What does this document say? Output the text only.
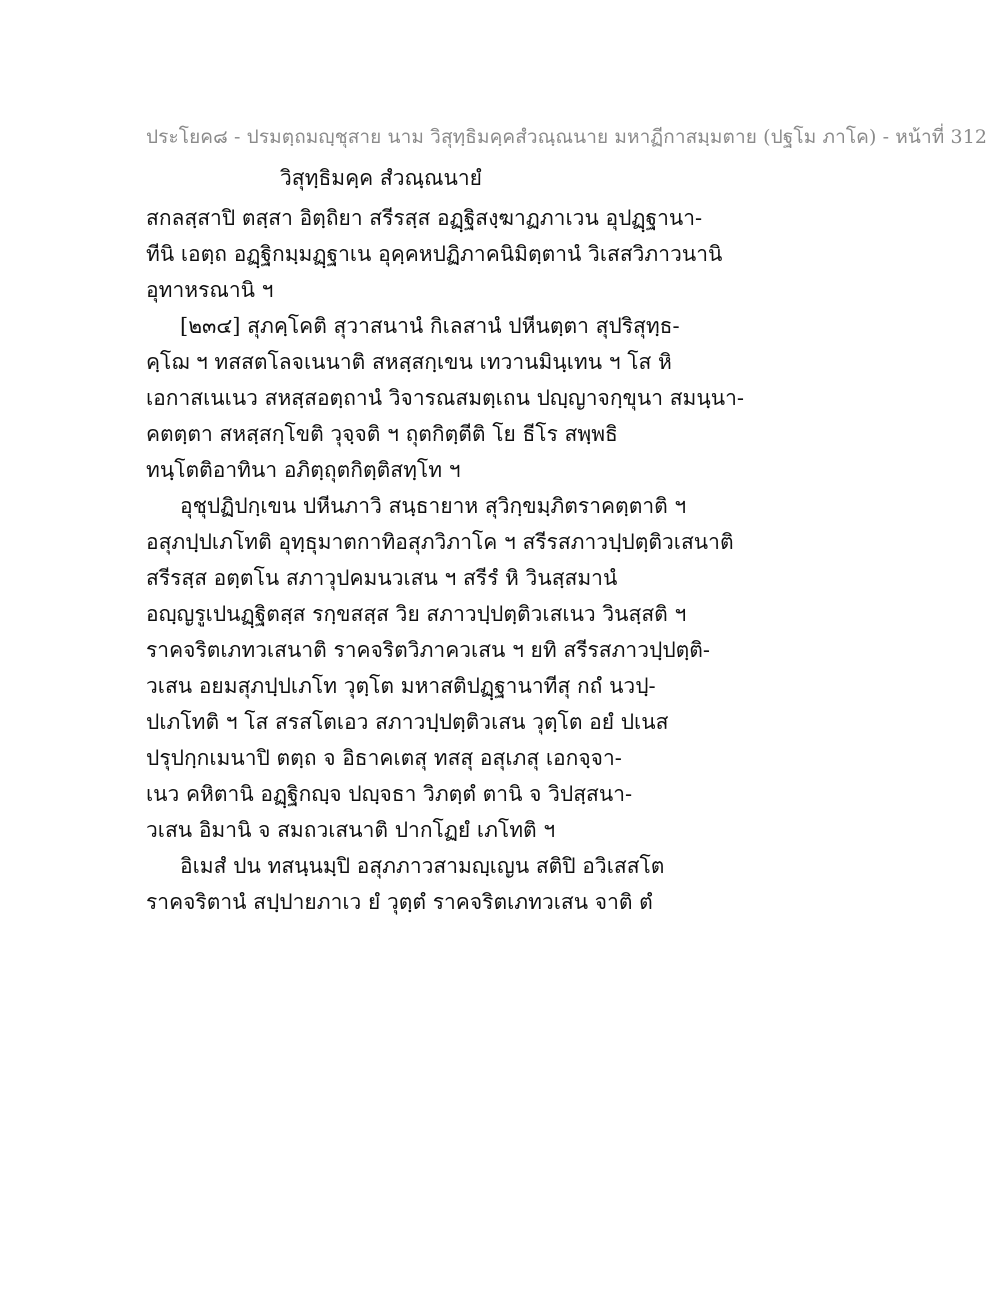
ประโยค๘ - ปรมตฺถมญฺชุสาย นาม วิสุทฺธิมคฺคสํวณฺณนาย มหาฏีกาสมฺมตาย (ปฐโม ภาโค) - หน้าที่ 312
วิสุทฺธิมคฺค สํวณฺณนายํ
สกลสฺสาปิ ตสฺสา อิตฺถิยา สรีรสฺส อฏฺฐิสงฺฆาฏภาเวน อุปฏฺฐานา-
ทีนิ เอตฺถ อฏฺฐิกมฺมฏฺฐาเน อุคฺคหปฏิภาคนิมิตฺตานํ วิเสสวิภาวนานิ
อุทาหรณานิ ฯ
[๒๓๔] สุภคฺโคติ สุวาสนานํ กิเลสานํ ปหีนตฺตา สุปริสุทฺธ-
คฺโฌ ฯ ทสสตโลจเนนาติ สหสฺสกฺเขน เทวานมินฺเทน ฯ โส หิ
เอกาสเนเนว สหสฺสอตฺถานํ วิจารณสมตฺเถน ปญฺญาจกฺขุนา สมนฺนา-
คตตฺตา สหสฺสกฺโขติ วุจฺจติ ฯ ถุตกิตฺตีติ โย ธีโร สพฺพธิ
ทนฺโตติอาทินา อภิตฺถุตกิตฺติสทฺโท ฯ
อุชุปฏิปกฺเขน ปหีนภาวิ สนฺธายาห สุวิกฺขมฺภิตราคตฺตาติ ฯ
อสุภปฺปเภโทติ อุทฺธุมาตกาทิอสุภวิภาโค ฯ สรีรสภาวปฺปตฺติวเสนาติ
สรีรสฺส อตฺตโน สภาวุปคมนวเสน ฯ สรีรํ หิ วินสฺสมานํ
อญฺญรูเปนฏฺฐิตสฺส รกฺขสสฺส วิย สภาวปฺปตฺติวเสเนว วินสฺสติ ฯ
ราคจริตเภทวเสนาติ ราคจริตวิภาควเสน ฯ ยทิ สรีรสภาวปฺปตฺติ-
วเสน อยมสุภปฺปเภโท วุตฺโต มหาสติปฏฺฐานาทีสุ กถํ นวปฺ-
ปเภโทติ ฯ โส สรสโตเอว สภาวปฺปตฺติวเสน วุตฺโต อยํ ปเนส
ปรุปกฺกเมนาปิ ตตฺถ จ อิธาคเตสุ ทสสุ อสุเภสุ เอกจฺจา-
เนว คหิตานิ อฏฺฐิกญฺจ ปญฺจธา วิภตฺตํ ตานิ จ วิปสฺสนา-
วเสน อิมานิ จ สมถวเสนาติ ปากโฏยํ เภโทติ ฯ
อิเมสํ ปน ทสนฺนมฺปิ อสุภภาวสามญฺเญน สติปิ อวิเสสโต
ราคจริตานํ สปฺปายภาเว ยํ วุตฺตํ ราคจริตเภทวเสน จาติ ตํ
